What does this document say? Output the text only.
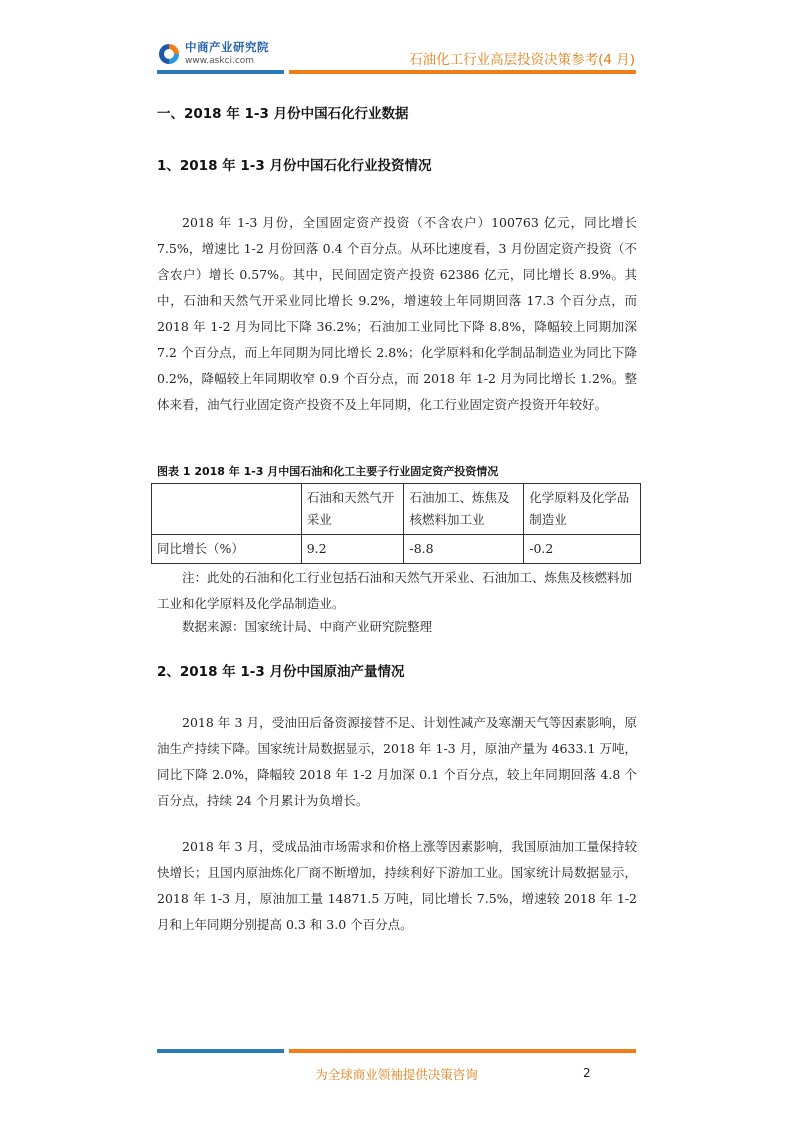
中商产业研究院
www.askci.com	石油化工行业高层投资决策参考(4 月)
一、2018 年 1-3 月份中国石化行业数据
1、2018 年 1-3 月份中国石化行业投资情况

2018 年 1-3 月份，全国固定资产投资（不含农户）100763 亿元，同比增长 7.5%，增速比 1-2 月份回落 0.4 个百分点。从环比速度看，3 月份固定资产投资（不含农户）增长 0.57%。其中，民间固定资产投资 62386 亿元，同比增长 8.9%。其中，石油和天然气开采业同比增长 9.2%，增速较上年同期回落 17.3 个百分点，而 2018 年 1-2 月为同比下降 36.2%；石油加工业同比下降 8.8%，降幅较上同期加深 7.2 个百分点，而上年同期为同比增长 2.8%；化学原料和化学制品制造业为同比下降 0.2%，降幅较上年同期收窄 0.9 个百分点，而 2018 年 1-2 月为同比增长 1.2%。整体来看，油气行业固定资产投资不及上年同期，化工行业固定资产投资开年较好。

图表 1 2018 年 1-3 月中国石油和化工主要子行业固定资产投资情况
	石油和天然气开采业	石油加工、炼焦及核燃料加工业	化学原料及化学品制造业
同比增长（%）	9.2	-8.8	-0.2

注：此处的石油和化工行业包括石油和天然气开采业、石油加工、炼焦及核燃料加工业和化学原料及化学品制造业。

数据来源：国家统计局、中商产业研究院整理

2、2018 年 1-3 月份中国原油产量情况

2018 年 3 月，受油田后备资源接替不足、计划性减产及寒潮天气等因素影响，原油生产持续下降。国家统计局数据显示，2018 年 1-3 月，原油产量为 4633.1 万吨，同比下降 2.0%，降幅较 2018 年 1-2 月加深 0.1 个百分点，较上年同期回落 4.8 个百分点，持续 24 个月累计为负增长。

2018 年 3 月，受成品油市场需求和价格上涨等因素影响，我国原油加工量保持较快增长；且国内原油炼化厂商不断增加，持续利好下游加工业。国家统计局数据显示，2018 年 1-3 月，原油加工量 14871.5 万吨，同比增长 7.5%，增速较 2018 年 1-2 月和上年同期分别提高 0.3 和 3.0 个百分点。

为全球商业领袖提供决策咨询	2
